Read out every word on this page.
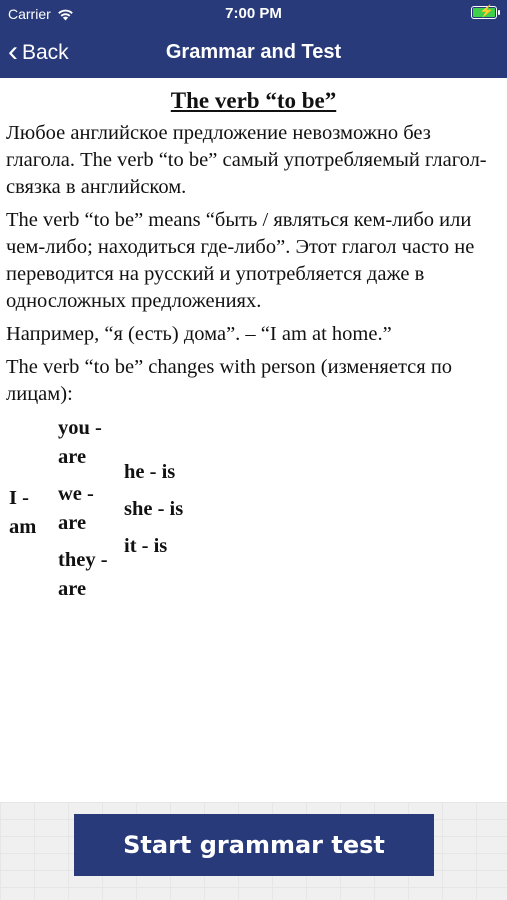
Carrier	7:00 PM	⚡
‹ Back	Grammar and Test
The verb “to be”

Любое английское предложение невозможно без глагола. The verb “to be” самый употребляемый глагол-связка в английском.

The verb “to be” means “быть / являться кем-либо или чем-либо; находиться где-либо”. Этот глагол часто не переводится на русский и употребляется даже в односложных предложениях.

Например, “я (есть) дома”. – “I am at home.”

The verb “to be” changes with person (изменяется по лицам):

I - am
you - are
we - are
they - are
he - is
she - is
it - is
Start grammar test
